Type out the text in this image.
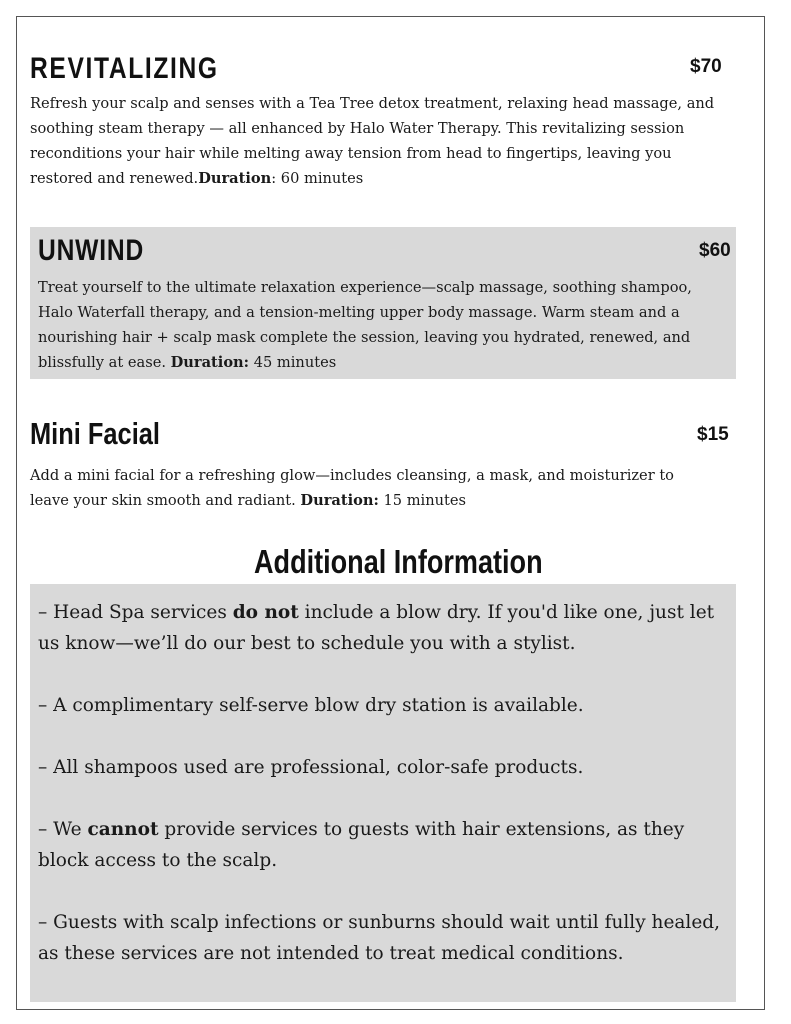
REVITALIZING	$70

Refresh your scalp and senses with a Tea Tree detox treatment, relaxing head massage, and soothing steam therapy — all enhanced by Halo Water Therapy. This revitalizing session reconditions your hair while melting away tension from head to fingertips, leaving you restored and renewed.Duration: 60 minutes

UNWIND	$60

Treat yourself to the ultimate relaxation experience—scalp massage, soothing shampoo, Halo Waterfall therapy, and a tension-melting upper body massage. Warm steam and a nourishing hair + scalp mask complete the session, leaving you hydrated, renewed, and blissfully at ease. Duration: 45 minutes

Mini Facial	$15

Add a mini facial for a refreshing glow—includes cleansing, a mask, and moisturizer to leave your skin smooth and radiant. Duration: 15 minutes

Additional Information

– Head Spa services do not include a blow dry. If you'd like one, just let us know—we’ll do our best to schedule you with a stylist.

– A complimentary self-serve blow dry station is available.

– All shampoos used are professional, color-safe products.

– We cannot provide services to guests with hair extensions, as they block access to the scalp.

– Guests with scalp infections or sunburns should wait until fully healed, as these services are not intended to treat medical conditions.
